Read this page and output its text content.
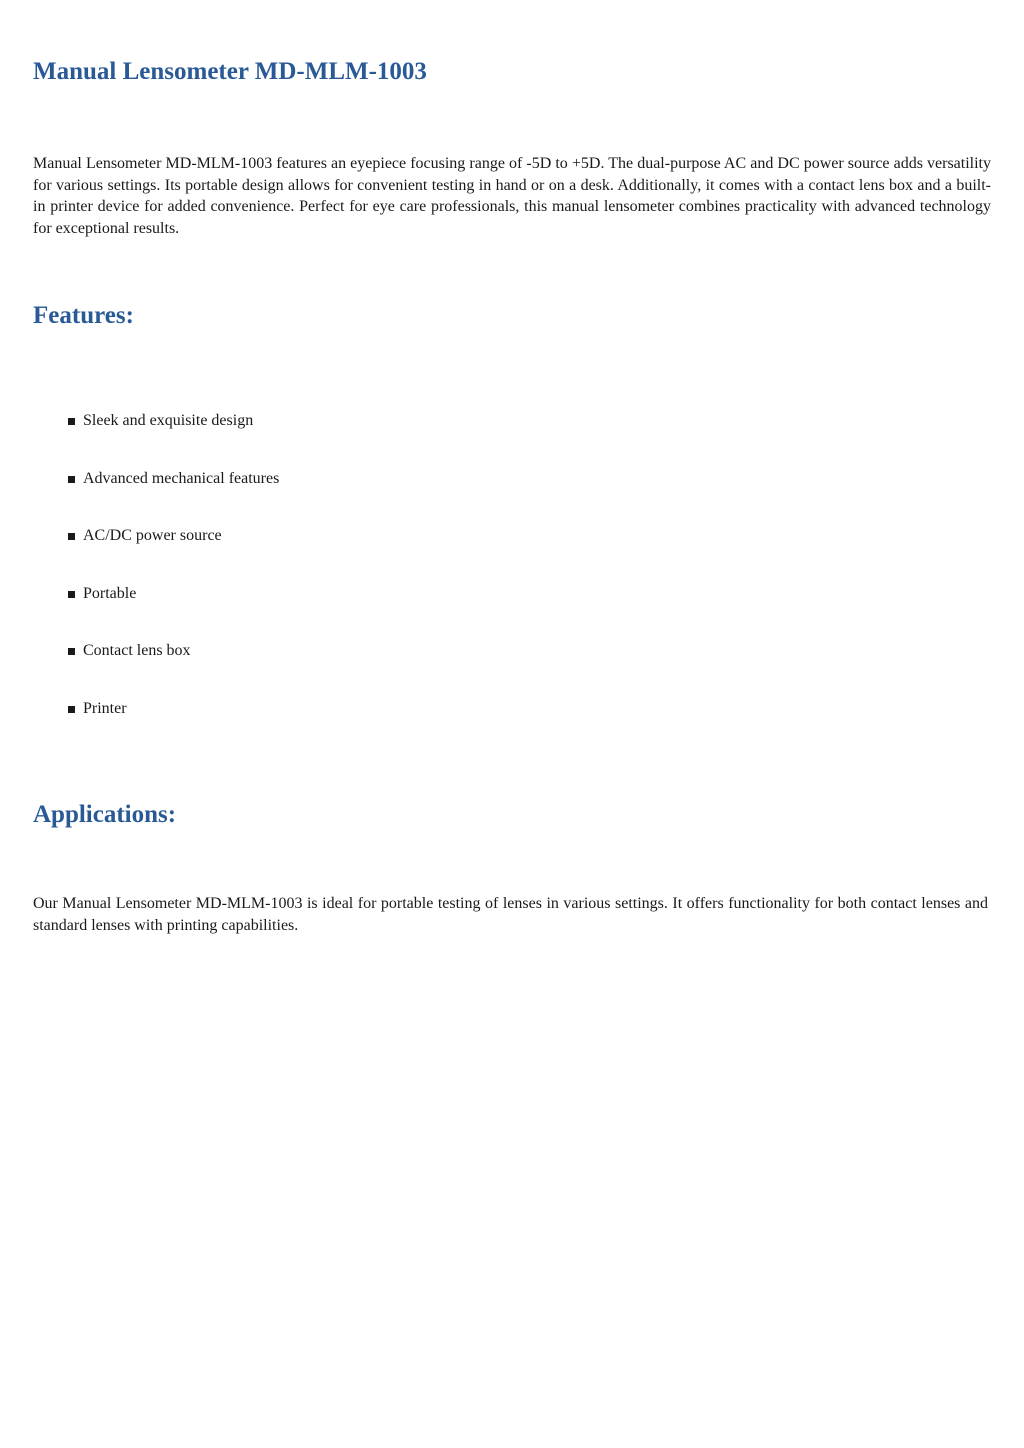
Manual Lensometer MD-MLM-1003

Manual Lensometer MD-MLM-1003 features an eyepiece focusing range of -5D to +5D. The dual-purpose AC and DC power source adds versatility for various settings. Its portable design allows for convenient testing in hand or on a desk. Additionally, it comes with a contact lens box and a built-in printer device for added convenience. Perfect for eye care professionals, this manual lensometer combines practicality with advanced technology for exceptional results.

Features:
Sleek and exquisite design
Advanced mechanical features
AC/DC power source
Portable
Contact lens box
Printer
Applications:

Our Manual Lensometer MD-MLM-1003 is ideal for portable testing of lenses in various settings. It offers functionality for both contact lenses and standard lenses with printing capabilities.
